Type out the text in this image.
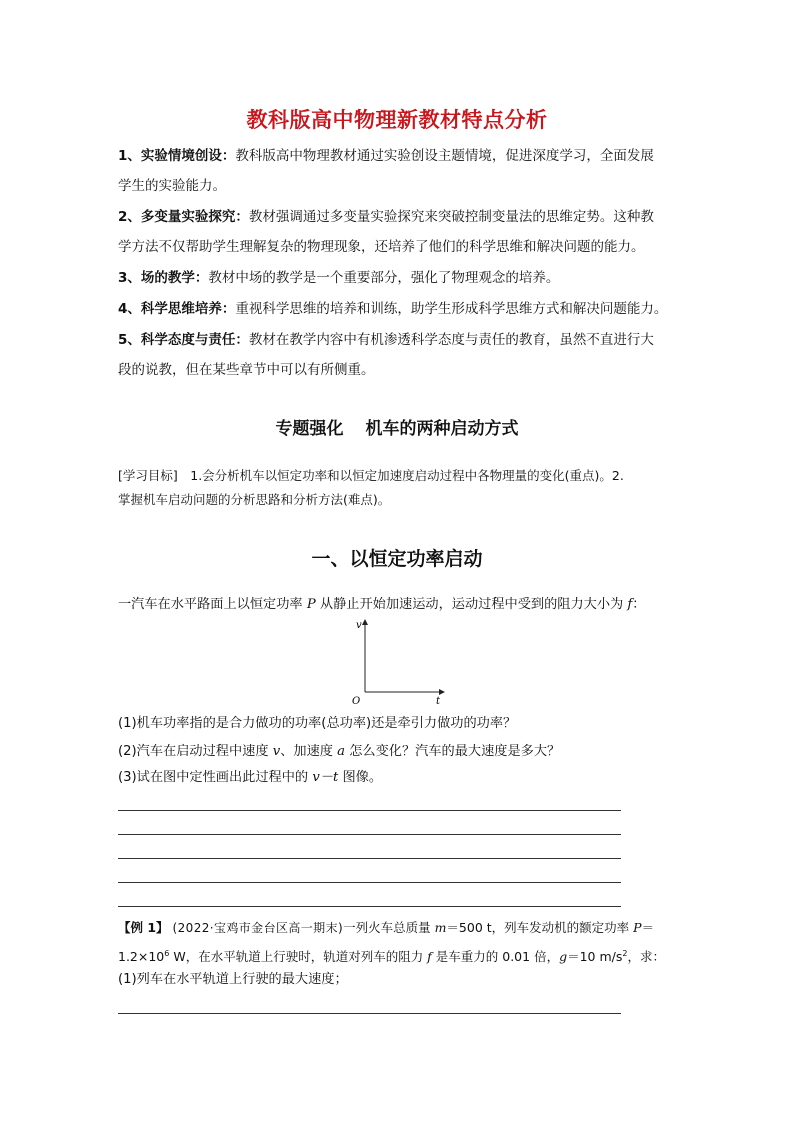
教科版高中物理新教材特点分析
1、实验情境创设：教科版高中物理教材通过实验创设主题情境，促进深度学习，全面发展
学生的实验能力。
2、多变量实验探究：教材强调通过多变量实验探究来突破控制变量法的思维定势。这种教
学方法不仅帮助学生理解复杂的物理现象，还培养了他们的科学思维和解决问题的能力。
3、场的教学：教材中场的教学是一个重要部分，强化了物理观念的培养。
4、科学思维培养：重视科学思维的培养和训练，助学生形成科学思维方式和解决问题能力。
5、科学态度与责任：教材在教学内容中有机渗透科学态度与责任的教育，虽然不直进行大
段的说教，但在某些章节中可以有所侧重。
专题强化 机车的两种启动方式
[学习目标]　1.会分析机车以恒定功率和以恒定加速度启动过程中各物理量的变化(重点)。2.
掌握机车启动问题的分析思路和分析方法(难点)。
一、以恒定功率启动
一汽车在水平路面上以恒定功率 P 从静止开始加速运动，运动过程中受到的阻力大小为 f：
v
t
O
(1)机车功率指的是合力做功的功率(总功率)还是牵引力做功的功率？
(2)汽车在启动过程中速度 v、加速度 a 怎么变化？汽车的最大速度是多大？
(3)试在图中定性画出此过程中的 v－t 图像。
【例 1】 (2022·宝鸡市金台区高一期末)一列火车总质量 m＝500 t，列车发动机的额定功率 P＝
$1.2\times 10^6$ W，在水平轨道上行驶时，轨道对列车的阻力 f 是车重力的 0.01 倍，g＝10 $m/s^2$，求：
(1)列车在水平轨道上行驶的最大速度；
